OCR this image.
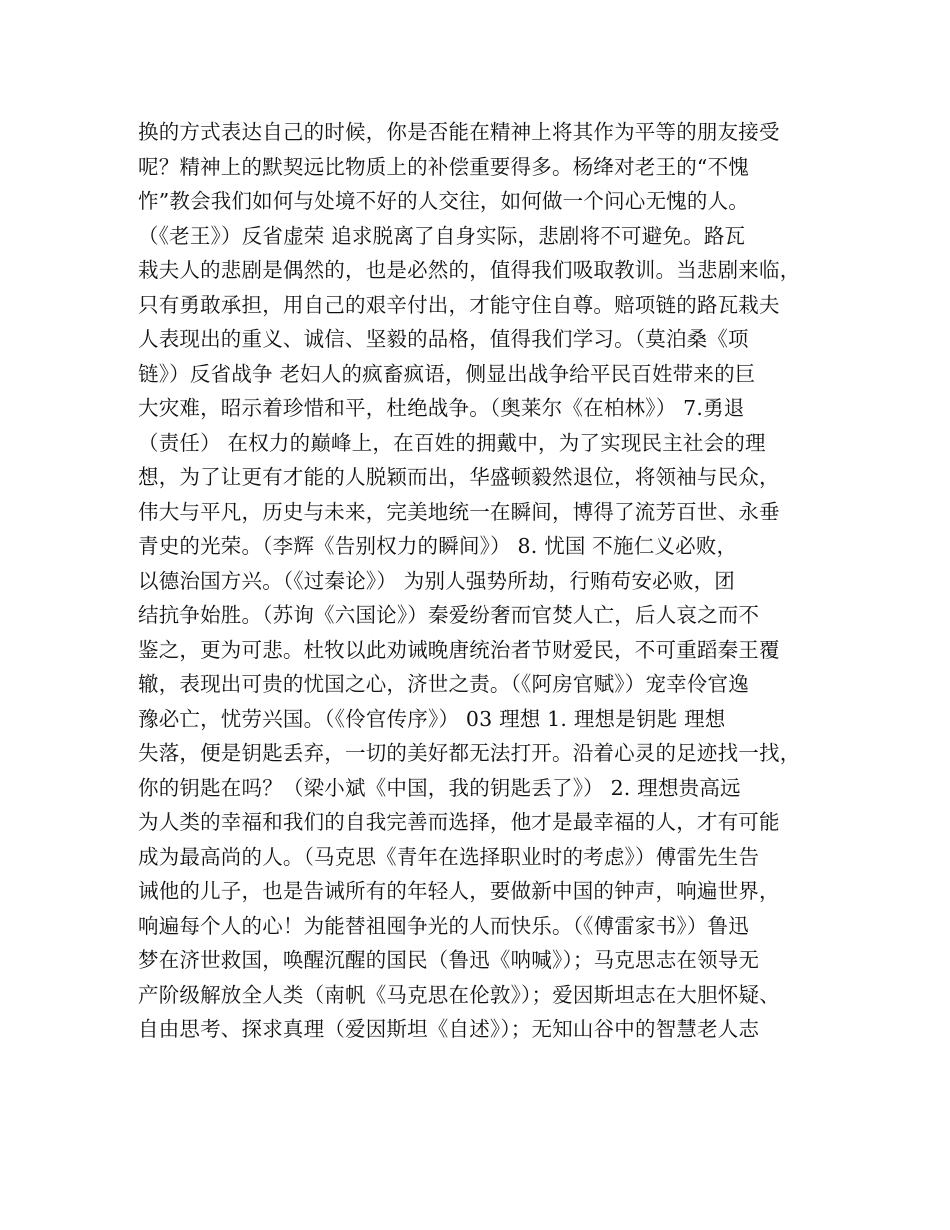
换的方式表达自己的时候，你是否能在精神上将其作为平等的朋友接受
呢？精神上的默契远比物质上的补偿重要得多。杨绛对老王的“不愧
怍”教会我们如何与处境不好的人交往，如何做一个问心无愧的人。
（《老王》）反省虚荣 追求脱离了自身实际，悲剧将不可避免。路瓦
栽夫人的悲剧是偶然的，也是必然的，值得我们吸取教训。当悲剧来临，
只有勇敢承担，用自己的艰辛付出，才能守住自尊。赔项链的路瓦栽夫
人表现出的重义、诚信、坚毅的品格，值得我们学习。（莫泊桑《项
链》）反省战争 老妇人的疯畜疯语，侧显出战争给平民百姓带来的巨
大灾难，昭示着珍惜和平，杜绝战争。（奥莱尔《在柏林》） 7.勇退
（责任） 在权力的巅峰上，在百姓的拥戴中，为了实现民主社会的理
想，为了让更有才能的人脱颖而出，华盛顿毅然退位，将领袖与民众，
伟大与平凡，历史与未来，完美地统一在瞬间，博得了流芳百世、永垂
青史的光荣。（李辉《告别权力的瞬间》） 8. 忧国 不施仁义必败，
以德治国方兴。（《过秦论》） 为别人强势所劫，行贿苟安必败，团
结抗争始胜。（苏询《六国论》）秦爱纷奢而官焚人亡，后人哀之而不
鉴之，更为可悲。杜牧以此劝诫晚唐统治者节财爱民，不可重蹈秦王覆
辙，表现出可贵的忧国之心，济世之责。（《阿房官赋》）宠幸伶官逸
豫必亡，忧劳兴国。（《伶官传序》） 03 理想 1. 理想是钥匙 理想
失落，便是钥匙丢弃，一切的美好都无法打开。沿着心灵的足迹找一找，
你的钥匙在吗？（梁小斌《中国，我的钥匙丢了》） 2. 理想贵高远
为人类的幸福和我们的自我完善而选择，他才是最幸福的人，才有可能
成为最高尚的人。（马克思《青年在选择职业时的考虑》）傅雷先生告
诫他的儿子，也是告诫所有的年轻人，要做新中国的钟声，响遍世界，
响遍每个人的心！为能替祖囤争光的人而快乐。（《傅雷家书》）鲁迅
梦在济世救国，唤醒沉醒的国民（鲁迅《呐喊》）；马克思志在领导无
产阶级解放全人类（南帆《马克思在伦敦》）；爱因斯坦志在大胆怀疑、
自由思考、探求真理（爱因斯坦《自述》）；无知山谷中的智慧老人志
